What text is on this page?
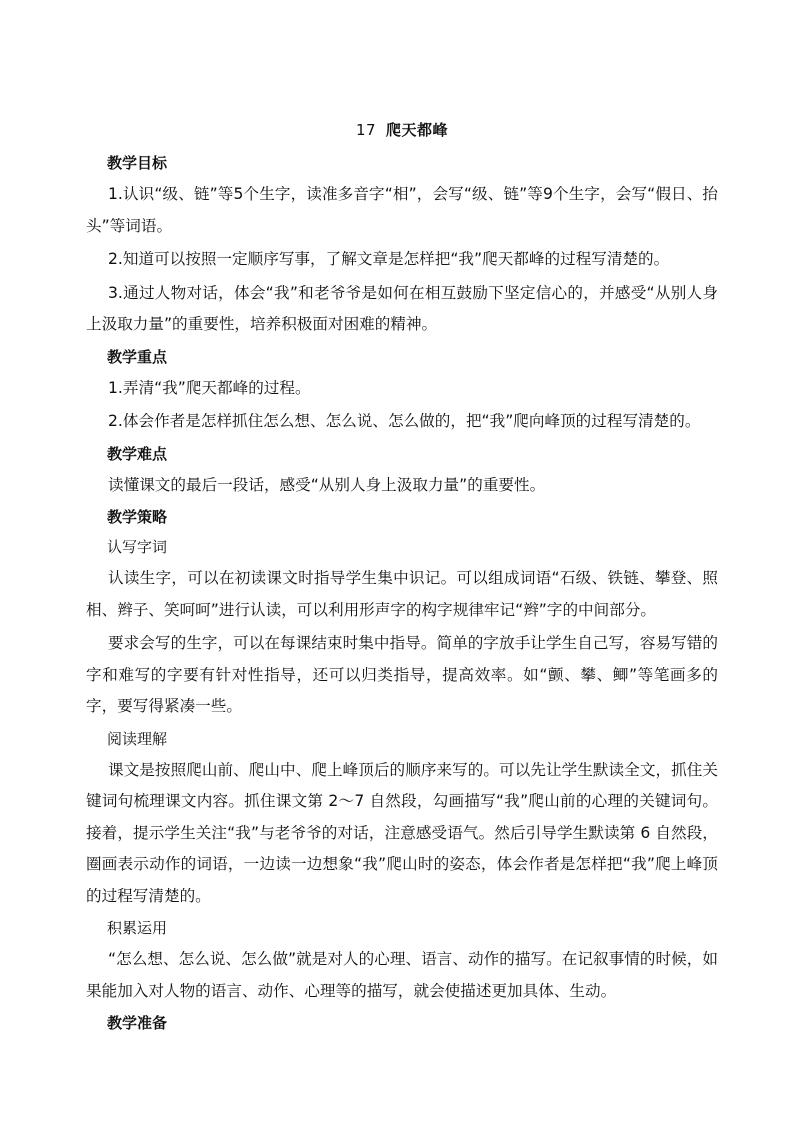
17 爬天都峰
教学目标

1.认识“级、链”等5个生字，读准多音字“相”，会写“级、链”等9个生字，会写“假日、抬头”等词语。

2.知道可以按照一定顺序写事，了解文章是怎样把“我”爬天都峰的过程写清楚的。

3.通过人物对话，体会“我”和老爷爷是如何在相互鼓励下坚定信心的，并感受“从别人身上汲取力量”的重要性，培养积极面对困难的精神。

教学重点

1.弄清“我”爬天都峰的过程。

2.体会作者是怎样抓住怎么想、怎么说、怎么做的，把“我”爬向峰顶的过程写清楚的。

教学难点

读懂课文的最后一段话，感受“从别人身上汲取力量”的重要性。

教学策略
认写字词

认读生字，可以在初读课文时指导学生集中识记。可以组成词语“石级、铁链、攀登、照相、辫子、笑呵呵”进行认读，可以利用形声字的构字规律牢记“辫”字的中间部分。

要求会写的生字，可以在每课结束时集中指导。简单的字放手让学生自己写，容易写错的字和难写的字要有针对性指导，还可以归类指导，提高效率。如“颤、攀、鲫”等笔画多的字，要写得紧凑一些。

阅读理解

课文是按照爬山前、爬山中、爬上峰顶后的顺序来写的。可以先让学生默读全文，抓住关键词句梳理课文内容。抓住课文第 2～7 自然段，勾画描写“我”爬山前的心理的关键词句。接着，提示学生关注“我”与老爷爷的对话，注意感受语气。然后引导学生默读第 6 自然段，圈画表示动作的词语，一边读一边想象“我”爬山时的姿态，体会作者是怎样把“我”爬上峰顶的过程写清楚的。

积累运用

“怎么想、怎么说、怎么做”就是对人的心理、语言、动作的描写。在记叙事情的时候，如果能加入对人物的语言、动作、心理等的描写，就会使描述更加具体、生动。

教学准备
